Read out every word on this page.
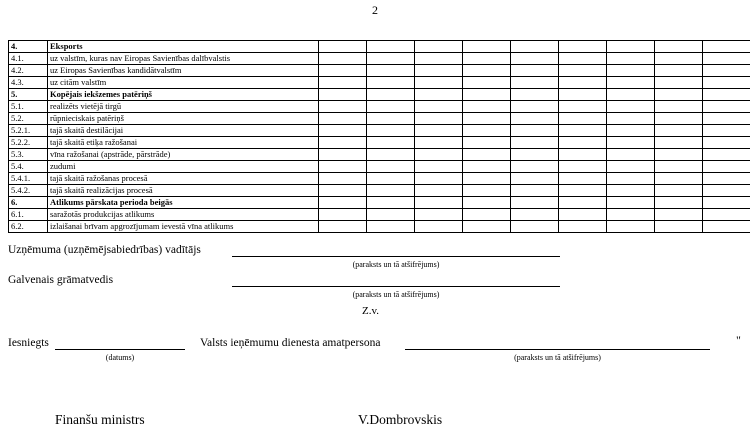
2
4.	Eksports									
4.1.	uz valstīm, kuras nav Eiropas Savienības dalībvalstis									
4.2.	uz Eiropas Savienības kandidātvalstīm									
4.3.	uz citām valstīm									
5.	Kopējais iekšzemes patēriņš									
5.1.	realizēts vietējā tirgū									
5.2.	rūpnieciskais patēriņš									
5.2.1.	tajā skaitā destilācijai									
5.2.2.	tajā skaitā etiķa ražošanai									
5.3.	vīna ražošanai (apstrāde, pārstrāde)									
5.4.	zudumi									
5.4.1.	tajā skaitā ražošanas procesā									
5.4.2.	tajā skaitā realizācijas procesā									
6.	Atlikums pārskata perioda beigās									
6.1.	saražotās produkcijas atlikums									
6.2.	izlaišanai brīvam apgrozījumam ievestā vīna atlikums									
Uzņēmuma (uzņēmējsabiedrības) vadītājs
(paraksts un tā atšifrējums)
Galvenais grāmatvedis
(paraksts un tā atšifrējums)
Z.v.
Iesniegts
(datums)
Valsts ieņēmumu dienesta amatpersona
(paraksts un tā atšifrējums)
"
Finanšu ministrs	V.Dombrovskis
